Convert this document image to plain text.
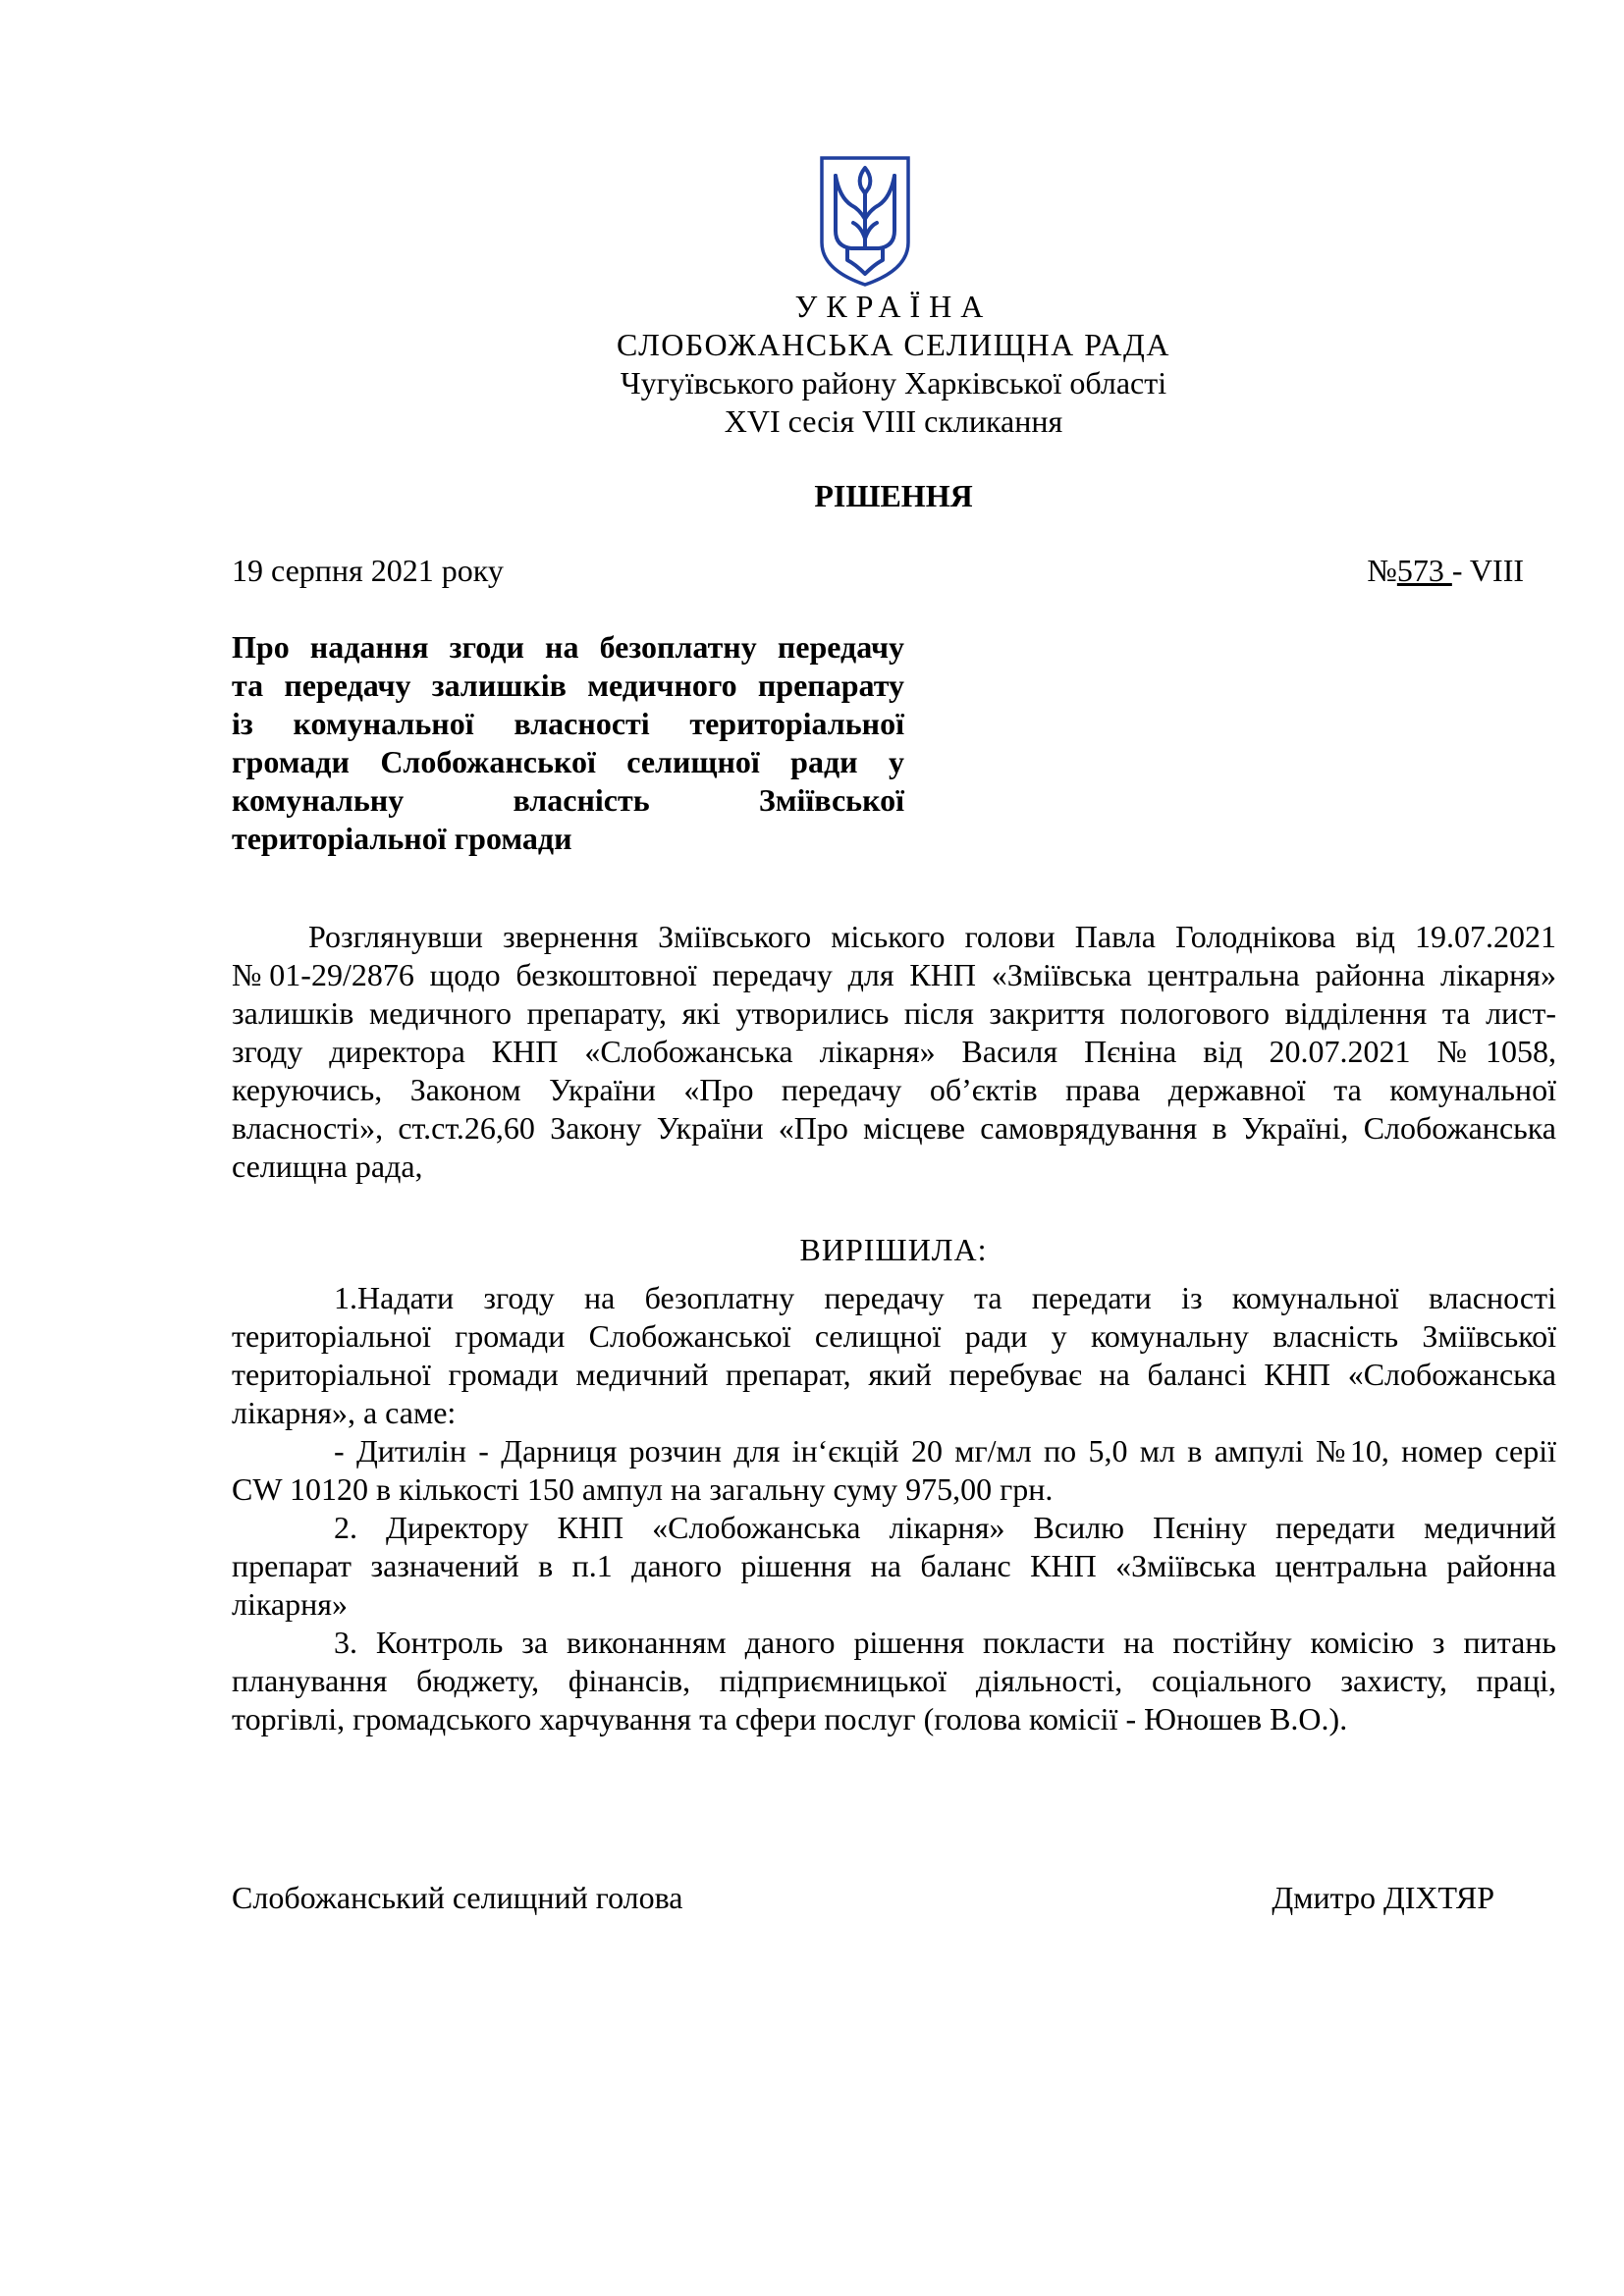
УКРАЇНА
СЛОБОЖАНСЬКА СЕЛИЩНА РАДА
Чугуївського району Харківської області
XVI сесія VIII скликання
РІШЕННЯ
19 серпня 2021 року	№573 - VIII
Про надання згоди на безоплатну передачу
та передачу залишків медичного препарату
із комунальної власності територіальної
громади Слобожанської селищної ради у
комунальну власність Зміївської
територіальної громади
Розглянувши звернення Зміївського міського голови Павла Голоднікова від 19.07.2021
№01-29/2876 щодо безкоштовної передачу для КНП «Зміївська центральна районна лікарня»
залишків медичного препарату, які утворились після закриття пологового відділення та лист-
згоду директора КНП «Слобожанська лікарня» Василя Пєніна від 20.07.2021 №1058,
керуючись, Законом України «Про передачу об’єктів права державної та комунальної
власності», ст.ст.26,60 Закону України «Про місцеве самоврядування в Україні, Слобожанська
селищна рада,
ВИРІШИЛА:
1.Надати згоду на безоплатну передачу та передати із комунальної власності
територіальної громади Слобожанської селищної ради у комунальну власність Зміївської
територіальної громади медичний препарат, який перебуває на балансі КНП «Слобожанська
лікарня», а саме:
- Дитилін - Дарниця розчин для ін‘єкцій 20 мг/мл по 5,0 мл в ампулі №10, номер серії
CW 10120 в кількості 150 ампул на загальну суму 975,00 грн.
2. Директору КНП «Слобожанська лікарня» Всилю Пєніну передати медичний
препарат зазначений в п.1 даного рішення на баланс КНП «Зміївська центральна районна
лікарня»
3. Контроль за виконанням даного рішення покласти на постійну комісію з питань
планування бюджету, фінансів, підприємницької діяльності, соціального захисту, праці,
торгівлі, громадського харчування та сфери послуг (голова комісії - Юношев В.О.).
Слобожанський селищний голова	Дмитро ДІХТЯР
